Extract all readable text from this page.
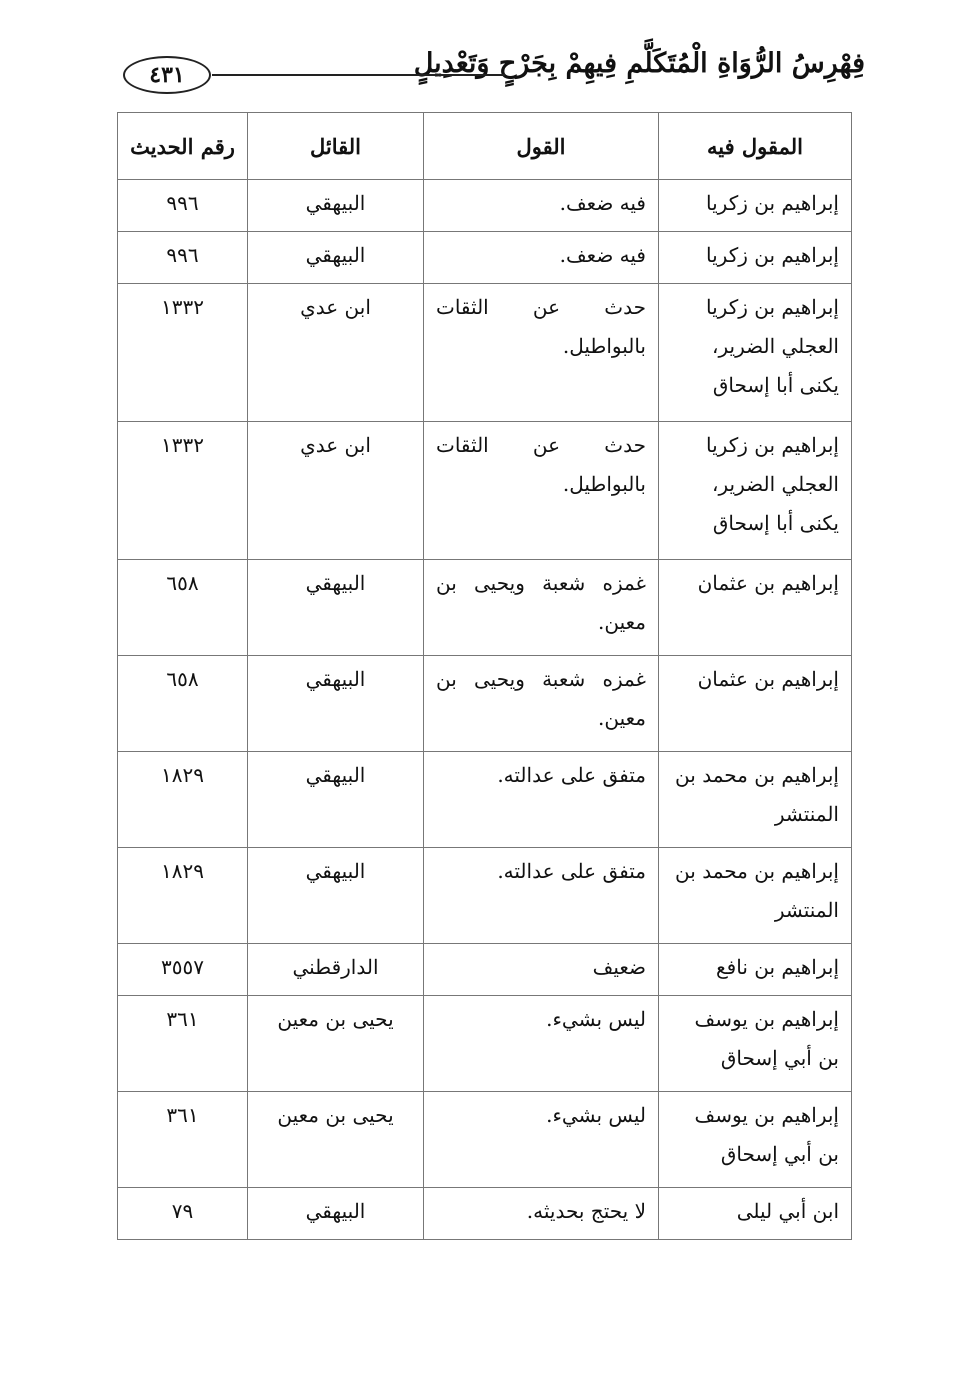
فِهْرِسُ الرُّوَاةِ الْمُتَكَلَّمِ فِيهِمْ بِجَرْحٍ وَتَعْدِيلٍ
٤٣١
المقول فيه	القول	القائل	رقم الحديث
إبراهيم بن زكريا	فيه ضعف.	البيهقي	٩٩٦
إبراهيم بن زكريا	فيه ضعف.	البيهقي	٩٩٦
إبراهيم بن زكريا العجلي الضرير، يكنى أبا إسحاق	حدث عن الثقات بالبواطيل.	ابن عدي	١٣٣٢
إبراهيم بن زكريا العجلي الضرير، يكنى أبا إسحاق	حدث عن الثقات بالبواطيل.	ابن عدي	١٣٣٢
إبراهيم بن عثمان	غمزه شعبة ويحيى بن معين.	البيهقي	٦٥٨
إبراهيم بن عثمان	غمزه شعبة ويحيى بن معين.	البيهقي	٦٥٨
إبراهيم بن محمد بن المنتشر	متفق على عدالته.	البيهقي	١٨٢٩
إبراهيم بن محمد بن المنتشر	متفق على عدالته.	البيهقي	١٨٢٩
إبراهيم بن نافع	ضعيف	الدارقطني	٣٥٥٧
إبراهيم بن يوسف بن أبي إسحاق	ليس بشيء.	يحيى بن معين	٣٦١
إبراهيم بن يوسف بن أبي إسحاق	ليس بشيء.	يحيى بن معين	٣٦١
ابن أبي ليلى	لا يحتج بحديثه.	البيهقي	٧٩
